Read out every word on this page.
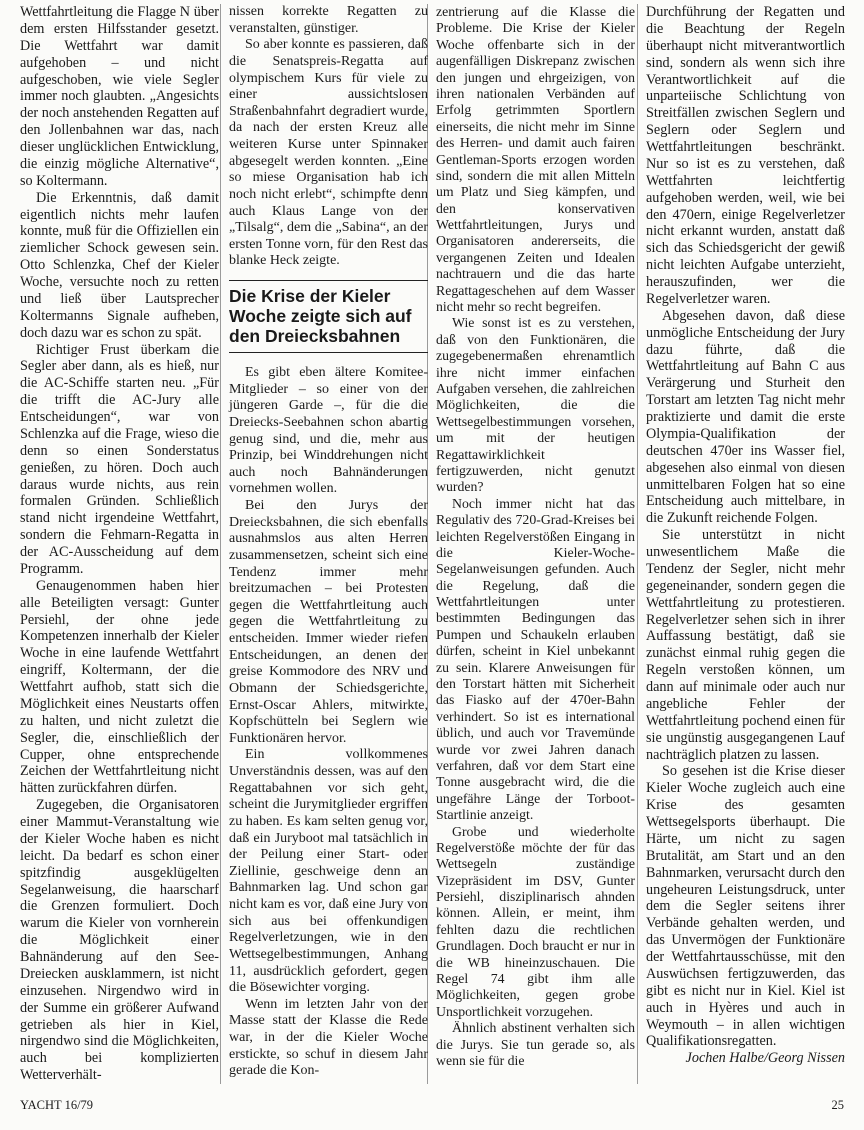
Wettfahrtleitung die Flagge N über dem ersten Hilfsstander gesetzt. Die Wettfahrt war damit aufgehoben – und nicht aufgeschoben, wie viele Segler immer noch glaubten. „Angesichts der noch anstehenden Regatten auf den Jollenbahnen war das, nach dieser unglücklichen Entwicklung, die einzig mögliche Alternative“, so Koltermann.

Die Erkenntnis, daß damit eigentlich nichts mehr laufen konnte, muß für die Offiziellen ein ziemlicher Schock gewesen sein. Otto Schlenzka, Chef der Kieler Woche, versuchte noch zu retten und ließ über Lautsprecher Koltermanns Signale aufheben, doch dazu war es schon zu spät.

Richtiger Frust überkam die Segler aber dann, als es hieß, nur die AC-Schiffe starten neu. „Für die trifft die AC-Jury alle Entscheidungen“, war von Schlenzka auf die Frage, wieso die denn so einen Sonderstatus genießen, zu hören. Doch auch daraus wurde nichts, aus rein formalen Gründen. Schließlich stand nicht irgendeine Wettfahrt, sondern die Fehmarn-Regatta in der AC-Ausscheidung auf dem Programm.

Genaugenommen haben hier alle Beteiligten versagt: Gunter Persiehl, der ohne jede Kompetenzen innerhalb der Kieler Woche in eine laufende Wettfahrt eingriff, Koltermann, der die Wettfahrt aufhob, statt sich die Möglichkeit eines Neustarts offen zu halten, und nicht zuletzt die Segler, die, einschließlich der Cupper, ohne entsprechende Zeichen der Wettfahrtleitung nicht hätten zurückfahren dürfen.

Zugegeben, die Organisatoren einer Mammut-Veranstaltung wie der Kieler Woche haben es nicht leicht. Da bedarf es schon einer spitzfindig ausgeklügelten Segelanweisung, die haarscharf die Grenzen formuliert. Doch warum die Kieler von vornherein die Möglichkeit einer Bahnänderung auf den See-Dreiecken ausklammern, ist nicht einzusehen. Nirgendwo wird in der Summe ein größerer Aufwand getrieben als hier in Kiel, nirgendwo sind die Möglichkeiten, auch bei komplizierten Wetterverhält-

nissen korrekte Regatten zu veranstalten, günstiger.

So aber konnte es passieren, daß die Senatspreis-Regatta auf olympischem Kurs für viele zu einer aussichtslosen Straßenbahnfahrt degradiert wurde, da nach der ersten Kreuz alle weiteren Kurse unter Spinnaker abgesegelt werden konnten. „Eine so miese Organisation hab ich noch nicht erlebt“, schimpfte denn auch Klaus Lange von der „Tilsalg“, dem die „Sabina“, an der ersten Tonne vorn, für den Rest das blanke Heck zeigte.

Die Krise der Kieler Woche zeigte sich auf den Dreiecksbahnen

Es gibt eben ältere Komitee-Mitglieder – so einer von der jüngeren Garde –, für die die Dreiecks-Seebahnen schon abartig genug sind, und die, mehr aus Prinzip, bei Winddrehungen nicht auch noch Bahnänderungen vornehmen wollen.

Bei den Jurys der Dreiecksbahnen, die sich ebenfalls ausnahmslos aus alten Herren zusammensetzen, scheint sich eine Tendenz immer mehr breitzumachen – bei Protesten gegen die Wettfahrtleitung auch gegen die Wettfahrtleitung zu entscheiden. Immer wieder riefen Entscheidungen, an denen der greise Kommodore des NRV und Obmann der Schiedsgerichte, Ernst-Oscar Ahlers, mitwirkte, Kopfschütteln bei Seglern wie Funktionären hervor.

Ein vollkommenes Unverständnis dessen, was auf den Regattabahnen vor sich geht, scheint die Jurymitglieder ergriffen zu haben. Es kam selten genug vor, daß ein Juryboot mal tatsächlich in der Peilung einer Start- oder Ziellinie, geschweige denn an Bahnmarken lag. Und schon gar nicht kam es vor, daß eine Jury von sich aus bei offenkundigen Regelverletzungen, wie in den Wettsegelbestimmungen, Anhang 11, ausdrücklich gefordert, gegen die Bösewichter vorging.

Wenn im letzten Jahr von der Masse statt der Klasse die Rede war, in der die Kieler Woche erstickte, so schuf in diesem Jahr gerade die Kon-

zentrierung auf die Klasse die Probleme. Die Krise der Kieler Woche offenbarte sich in der augenfälligen Diskrepanz zwischen den jungen und ehrgeizigen, von ihren nationalen Verbänden auf Erfolg getrimmten Sportlern einerseits, die nicht mehr im Sinne des Herren- und damit auch fairen Gentleman-Sports erzogen worden sind, sondern die mit allen Mitteln um Platz und Sieg kämpfen, und den konservativen Wettfahrtleitungen, Jurys und Organisatoren andererseits, die vergangenen Zeiten und Idealen nachtrauern und die das harte Regattageschehen auf dem Wasser nicht mehr so recht begreifen.

Wie sonst ist es zu verstehen, daß von den Funktionären, die zugegebenermaßen ehrenamtlich ihre nicht immer einfachen Aufgaben versehen, die zahlreichen Möglichkeiten, die die Wettsegelbestimmungen vorsehen, um mit der heutigen Regattawirklichkeit fertigzuwerden, nicht genutzt wurden?

Noch immer nicht hat das Regulativ des 720-Grad-Kreises bei leichten Regelverstößen Eingang in die Kieler-Woche-Segelanweisungen gefunden. Auch die Regelung, daß die Wettfahrtleitungen unter bestimmten Bedingungen das Pumpen und Schaukeln erlauben dürfen, scheint in Kiel unbekannt zu sein. Klarere Anweisungen für den Torstart hätten mit Sicherheit das Fiasko auf der 470er-Bahn verhindert. So ist es international üblich, und auch vor Travemünde wurde vor zwei Jahren danach verfahren, daß vor dem Start eine Tonne ausgebracht wird, die die ungefähre Länge der Torboot-Startlinie anzeigt.

Grobe und wiederholte Regelverstöße möchte der für das Wettsegeln zuständige Vizepräsident im DSV, Gunter Persiehl, disziplinarisch ahnden können. Allein, er meint, ihm fehlten dazu die rechtlichen Grundlagen. Doch braucht er nur in die WB hineinzuschauen. Die Regel 74 gibt ihm alle Möglichkeiten, gegen grobe Unsportlichkeit vorzugehen.

Ähnlich abstinent verhalten sich die Jurys. Sie tun gerade so, als wenn sie für die

Durchführung der Regatten und die Beachtung der Regeln überhaupt nicht mitverantwortlich sind, sondern als wenn sich ihre Verantwortlichkeit auf die unparteiische Schlichtung von Streitfällen zwischen Seglern und Seglern oder Seglern und Wettfahrtleitungen beschränkt. Nur so ist es zu verstehen, daß Wettfahrten leichtfertig aufgehoben werden, weil, wie bei den 470ern, einige Regelverletzer nicht erkannt wurden, anstatt daß sich das Schiedsgericht der gewiß nicht leichten Aufgabe unterzieht, herauszufinden, wer die Regelverletzer waren.

Abgesehen davon, daß diese unmögliche Entscheidung der Jury dazu führte, daß die Wettfahrtleitung auf Bahn C aus Verärgerung und Sturheit den Torstart am letzten Tag nicht mehr praktizierte und damit die erste Olympia-Qualifikation der deutschen 470er ins Wasser fiel, abgesehen also einmal von diesen unmittelbaren Folgen hat so eine Entscheidung auch mittelbare, in die Zukunft reichende Folgen.

Sie unterstützt in nicht unwesentlichem Maße die Tendenz der Segler, nicht mehr gegeneinander, sondern gegen die Wettfahrtleitung zu protestieren. Regelverletzer sehen sich in ihrer Auffassung bestätigt, daß sie zunächst einmal ruhig gegen die Regeln verstoßen können, um dann auf minimale oder auch nur angebliche Fehler der Wettfahrtleitung pochend einen für sie ungünstig ausgegangenen Lauf nachträglich platzen zu lassen.

So gesehen ist die Krise dieser Kieler Woche zugleich auch eine Krise des gesamten Wettsegelsports überhaupt. Die Härte, um nicht zu sagen Brutalität, am Start und an den Bahnmarken, verursacht durch den ungeheuren Leistungsdruck, unter dem die Segler seitens ihrer Verbände gehalten werden, und das Unvermögen der Funktionäre der Wettfahrtausschüsse, mit den Auswüchsen fertigzuwerden, das gibt es nicht nur in Kiel. Kiel ist auch in Hyères und auch in Weymouth – in allen wichtigen Qualifikationsregatten.

Jochen Halbe/Georg Nissen

YACHT 16/79	25
